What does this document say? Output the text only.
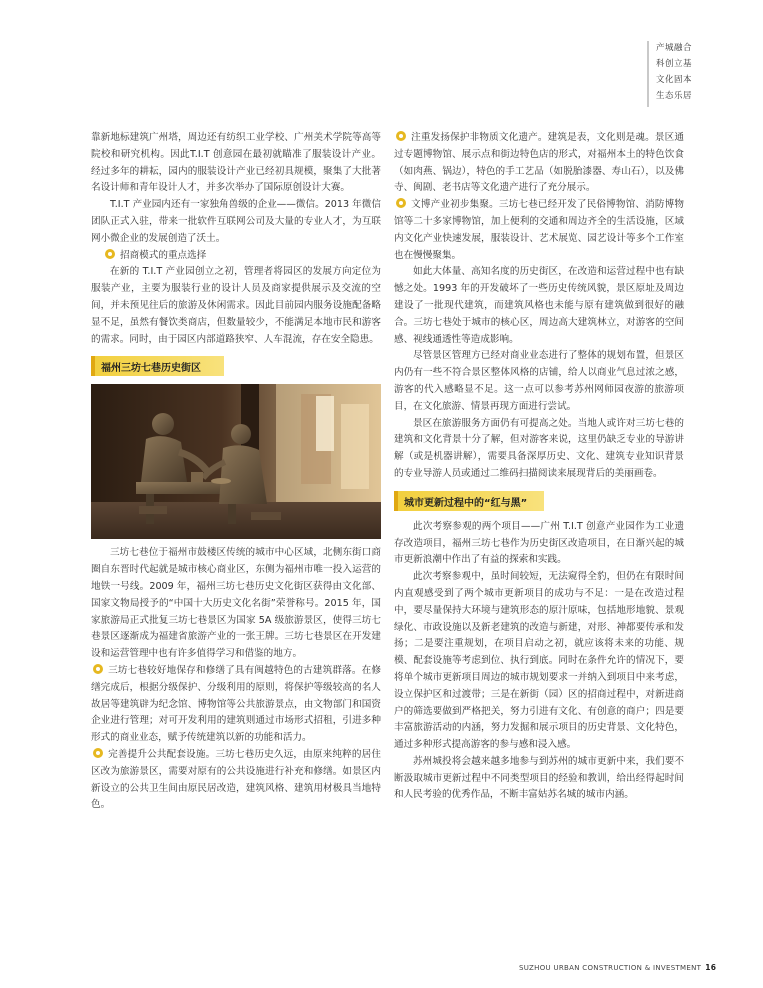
产城融合
科创立基
文化固本
生态乐居

靠新地标建筑广州塔，周边还有纺织工业学校、广州美术学院等高等院校和研究机构。因此T.I.T 创意园在最初就瞄准了服装设计产业。经过多年的耕耘，园内的服装设计产业已经初具规模，聚集了大批著名设计师和青年设计人才，并多次举办了国际原创设计大赛。

T.I.T 产业园内还有一家独角兽级的企业——微信。2013 年微信团队正式入驻，带来一批软件互联网公司及大量的专业人才，为互联网小微企业的发展创造了沃土。

招商模式的重点选择

在新的 T.I.T 产业园创立之初，管理者将园区的发展方向定位为服装产业，主要为服装行业的设计人员及商家提供展示及交流的空间，并未预见往后的旅游及休闲需求。因此目前园内服务设施配备略显不足，虽然有餐饮类商店，但数量较少，不能满足本地市民和游客的需求。同时，由于园区内部道路狭窄、人车混流，存在安全隐患。

福州三坊七巷历史街区

三坊七巷位于福州市鼓楼区传统的城市中心区域，北侧东街口商圈自东晋时代起就是城市核心商业区，东侧为福州市唯一投入运营的地铁一号线。2009 年，福州三坊七巷历史文化街区获得由文化部、国家文物局授予的“中国十大历史文化名街”荣誉称号。2015 年，国家旅游局正式批复三坊七巷景区为国家 5A 级旅游景区，使得三坊七巷景区逐渐成为福建省旅游产业的一张王牌。三坊七巷景区在开发建设和运营管理中也有许多值得学习和借鉴的地方。

三坊七巷较好地保存和修缮了具有闽越特色的古建筑群落。在修缮完成后，根据分级保护、分级利用的原则，将保护等级较高的名人故居等建筑辟为纪念馆、博物馆等公共旅游景点，由文物部门和国资企业进行管理；对可开发利用的建筑则通过市场形式招租，引进多种形式的商业业态，赋予传统建筑以新的功能和活力。

完善提升公共配套设施。三坊七巷历史久远，由原来纯粹的居住区改为旅游景区，需要对原有的公共设施进行补充和修缮。如景区内新设立的公共卫生间由原民居改造，建筑风格、建筑用材极具当地特色。

注重发扬保护非物质文化遗产。建筑是表，文化则是魂。景区通过专题博物馆、展示点和街边特色店的形式，对福州本土的特色饮食（如肉燕、锅边），特色的手工艺品（如脱胎漆器、寿山石），以及佛寺、闽剧、老书店等文化遗产进行了充分展示。

文博产业初步集聚。三坊七巷已经开发了民俗博物馆、消防博物馆等二十多家博物馆，加上便利的交通和周边齐全的生活设施，区域内文化产业快速发展，服装设计、艺术展览、园艺设计等多个工作室也在慢慢聚集。

如此大体量、高知名度的历史街区，在改造和运营过程中也有缺憾之处。1993 年的开发破坏了一些历史传统风貌，景区原址及周边建设了一批现代建筑，而建筑风格也未能与原有建筑做到很好的融合。三坊七巷处于城市的核心区，周边高大建筑林立，对游客的空间感、视线通透性等造成影响。

尽管景区管理方已经对商业业态进行了整体的规划布置，但景区内仍有一些不符合景区整体风格的店铺，给人以商业气息过浓之感，游客的代入感略显不足。这一点可以参考苏州网师园夜游的旅游项目，在文化旅游、情景再现方面进行尝试。

景区在旅游服务方面仍有可提高之处。当地人或许对三坊七巷的建筑和文化背景十分了解，但对游客来说，这里仍缺乏专业的导游讲解（或是机器讲解），需要具备深厚历史、文化、建筑专业知识背景的专业导游人员或通过二维码扫描阅读来展现背后的美丽画卷。

城市更新过程中的“红与黑”

此次考察参观的两个项目——广州 T.I.T 创意产业园作为工业遗存改造项目，福州三坊七巷作为历史街区改造项目，在日渐兴起的城市更新浪潮中作出了有益的探索和实践。

此次考察参观中，虽时间较短，无法窥得全豹，但仍在有限时间内直观感受到了两个城市更新项目的成功与不足：一是在改造过程中，要尽量保持大环境与建筑形态的原汁原味，包括地形地貌、景观绿化、市政设施以及新老建筑的改造与新建，对形、神都要传承和发扬；二是要注重规划，在项目启动之初，就应该将未来的功能、规模、配套设施等考虑到位、执行到底。同时在条件允许的情况下，要将单个城市更新项目周边的城市规划要求一并纳入到项目中来考虑，设立保护区和过渡带；三是在新街（园）区的招商过程中，对新进商户的筛选要做到严格把关，努力引进有文化、有创意的商户；四是要丰富旅游活动的内涵，努力发掘和展示项目的历史背景、文化特色，通过多种形式提高游客的参与感和浸入感。

苏州城投将会越来越多地参与到苏州的城市更新中来，我们要不断汲取城市更新过程中不同类型项目的经验和教训，给出经得起时间和人民考验的优秀作品，不断丰富姑苏名城的城市内涵。

SUZHOU URBAN CONSTRUCTION & INVESTMENT 16
